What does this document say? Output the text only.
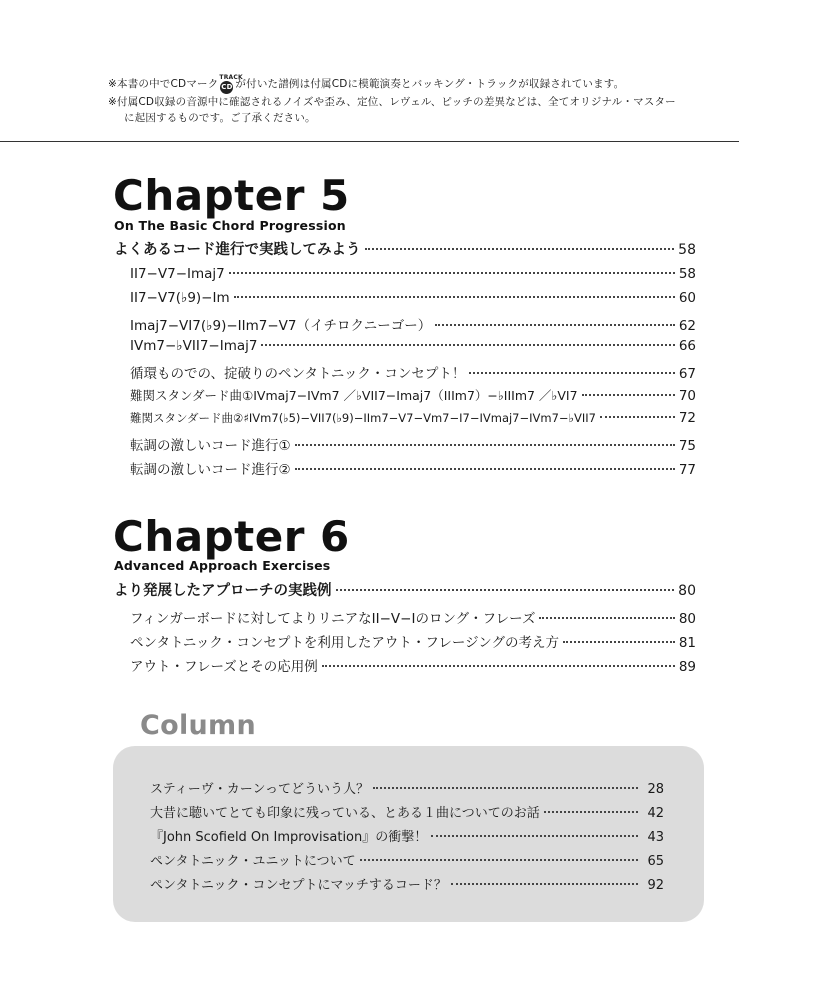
※本書の中でCDマーク
TRACK
CD が付いた譜例は付属CDに模範演奏とバッキング・トラックが収録されています。
※付属CD収録の音源中に確認されるノイズや歪み、定位、レヴェル、ピッチの差異などは、全てオリジナル・マスター
に起因するものです。ご了承ください。
Chapter 5
On The Basic Chord Progression
よくあるコード進行で実践してみよう	58
II7−V7−Imaj7	58
II7−V7(♭9)−Im	60
Imaj7−VI7(♭9)−IIm7−V7（イチロクニーゴー）	62
IVm7−♭VII7−Imaj7	66
循環ものでの、掟破りのペンタトニック・コンセプト！	67
難関スタンダード曲①IVmaj7−IVm7 ／♭VII7−Imaj7（IIIm7）−♭IIIm7 ／♭VI7	70
難関スタンダード曲②♯IVm7(♭5)−VII7(♭9)−IIm7−V7−Vm7−I7−IVmaj7−IVm7−♭VII7	72
転調の激しいコード進行①	75
転調の激しいコード進行②	77
Chapter 6
Advanced Approach Exercises
より発展したアプローチの実践例	80
フィンガーボードに対してよりリニアなII−V−Iのロング・フレーズ	80
ペンタトニック・コンセプトを利用したアウト・フレージングの考え方	81
アウト・フレーズとその応用例	89
Column
スティーヴ・カーンってどういう人？	28
大昔に聴いてとても印象に残っている、とある１曲についてのお話	42
『John Scofield On Improvisation』の衝撃！	43
ペンタトニック・ユニットについて	65
ペンタトニック・コンセプトにマッチするコード？	92
